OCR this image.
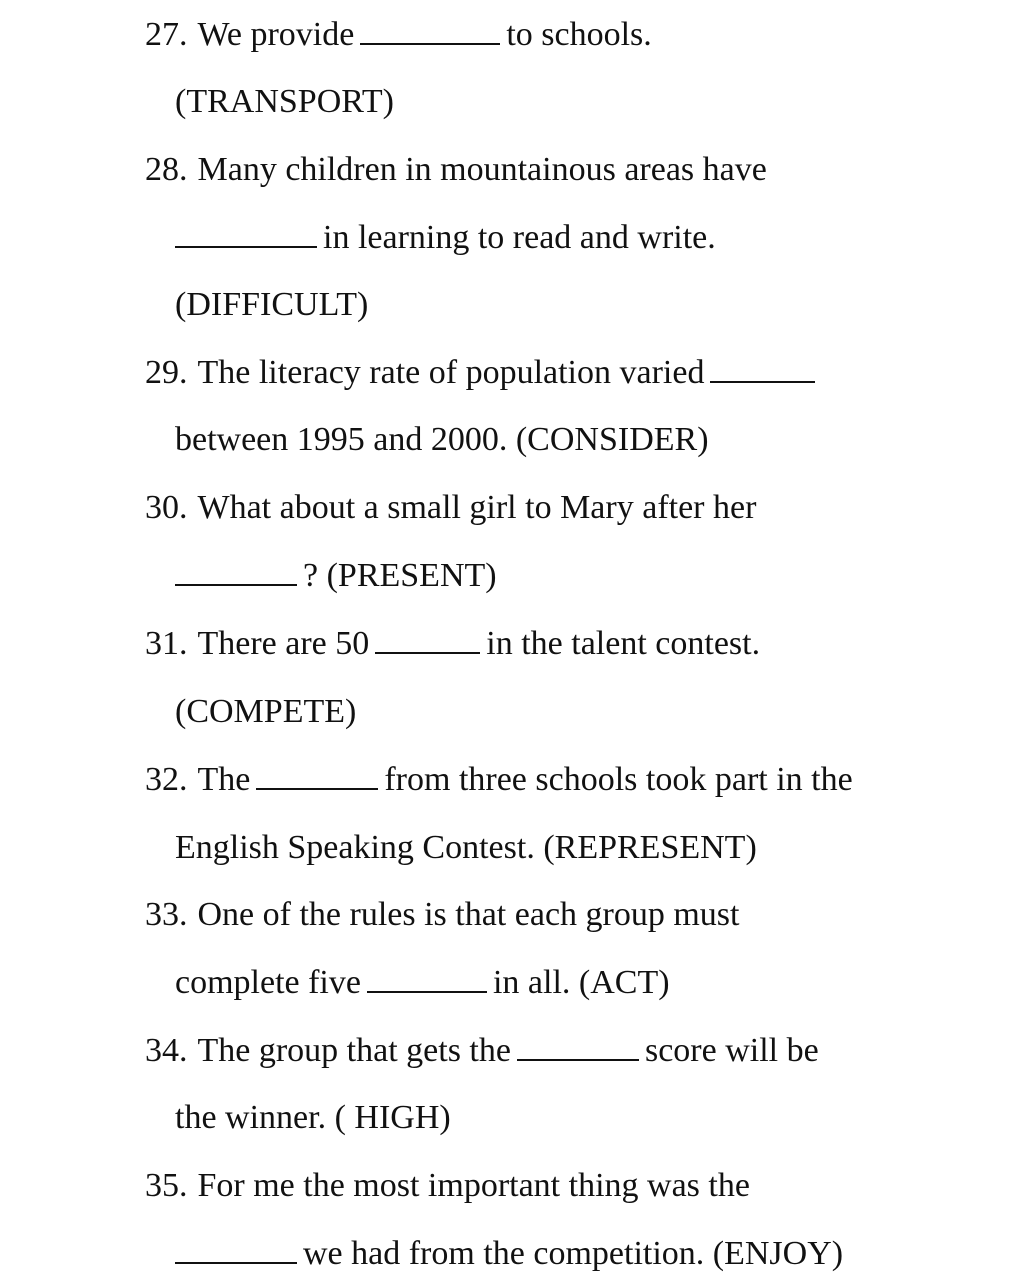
27. We provide	to schools.
(TRANSPORT)
28. Many children in mountainous areas have
in learning to read and write.
(DIFFICULT)
29. The literacy rate of population varied
between 1995 and 2000. (CONSIDER)
30. What about a small girl to Mary after her
? (PRESENT)
31. There are 50	in the talent contest.
(COMPETE)
32. The	from three schools took part in the
English Speaking Contest. (REPRESENT)
33. One of the rules is that each group must
complete five	in all. (ACT)
34. The group that gets the	score will be
the winner. ( HIGH)
35. For me the most important thing was the
we had from the competition. (ENJOY)
